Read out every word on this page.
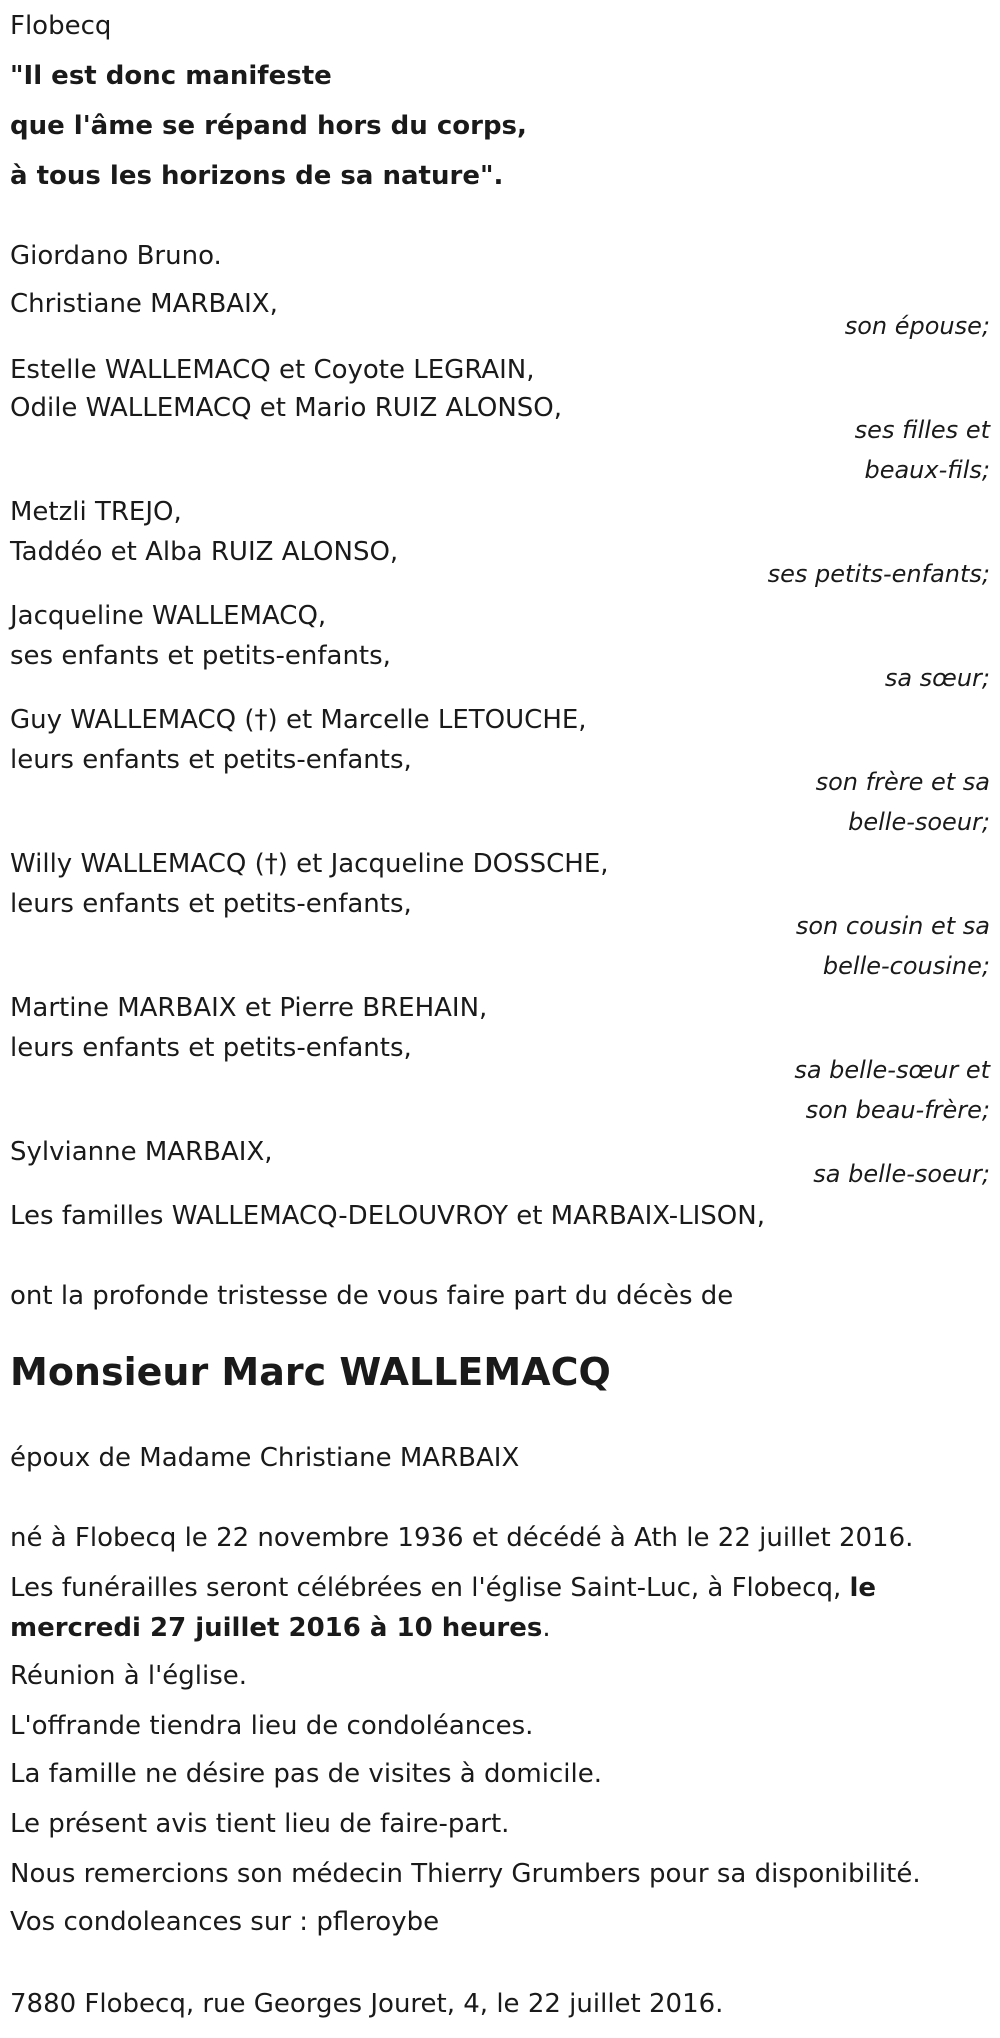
Flobecq
"Il est donc manifeste
que l'âme se répand hors du corps,
à tous les horizons de sa nature".
Giordano Bruno.
Christiane MARBAIX,
son épouse;
Estelle WALLEMACQ et Coyote LEGRAIN,
Odile WALLEMACQ et Mario RUIZ ALONSO,
ses filles et
beaux-fils;
Metzli TREJO,
Taddéo et Alba RUIZ ALONSO,
ses petits-enfants;
Jacqueline WALLEMACQ,
ses enfants et petits-enfants,
sa sœur;
Guy WALLEMACQ (†) et Marcelle LETOUCHE,
leurs enfants et petits-enfants,
son frère et sa
belle-soeur;
Willy WALLEMACQ (†) et Jacqueline DOSSCHE,
leurs enfants et petits-enfants,
son cousin et sa
belle-cousine;
Martine MARBAIX et Pierre BREHAIN,
leurs enfants et petits-enfants,
sa belle-sœur et
son beau-frère;
Sylvianne MARBAIX,
sa belle-soeur;
Les familles WALLEMACQ-DELOUVROY et MARBAIX-LISON,
ont la profonde tristesse de vous faire part du décès de
Monsieur Marc WALLEMACQ
époux de Madame Christiane MARBAIX
né à Flobecq le 22 novembre 1936 et décédé à Ath le 22 juillet 2016.
Les funérailles seront célébrées en l'église Saint-Luc, à Flobecq, le
mercredi 27 juillet 2016 à 10 heures.
Réunion à l'église.
L'offrande tiendra lieu de condoléances.
La famille ne désire pas de visites à domicile.
Le présent avis tient lieu de faire-part.
Nous remercions son médecin Thierry Grumbers pour sa disponibilité.
Vos condoleances sur : pfleroybe
7880 Flobecq, rue Georges Jouret, 4, le 22 juillet 2016.
